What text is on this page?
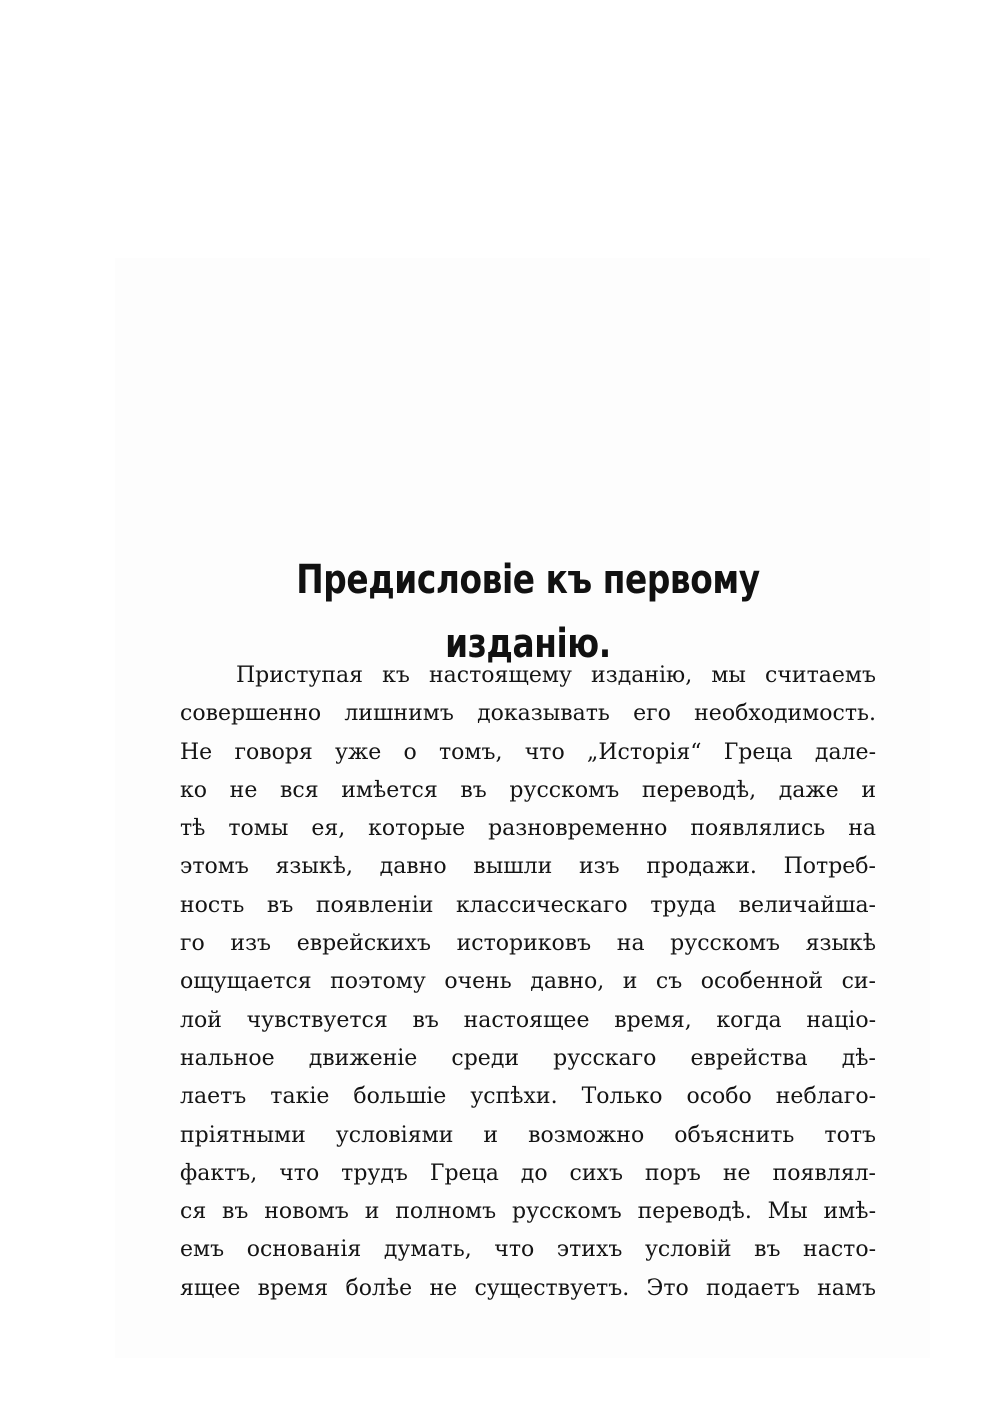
Предисловіе къ первому изданію.
Приступая къ настоящему изданію, мы считаемъ
совершенно лишнимъ доказывать его необходимость.
Не говоря уже о томъ, что „Исторія“ Греца дале-
ко не вся имѣется въ русскомъ переводѣ, даже и
тѣ томы ея, которые разновременно появлялись на
этомъ языкѣ, давно вышли изъ продажи. Потреб-
ность въ появленіи классическаго труда величайша-
го изъ еврейскихъ историковъ на русскомъ языкѣ
ощущается поэтому очень давно, и съ особенной си-
лой чувствуется въ настоящее время, когда націо-
нальное движеніе среди русскаго еврейства дѣ-
лаетъ такіе большіе успѣхи. Только особо неблаго-
пріятными условіями и возможно объяснить тотъ
фактъ, что трудъ Греца до сихъ поръ не появлял-
ся въ новомъ и полномъ русскомъ переводѣ. Мы имѣ-
емъ основанія думать, что этихъ условій въ насто-
ящее время болѣе не существуетъ. Это подаетъ намъ
